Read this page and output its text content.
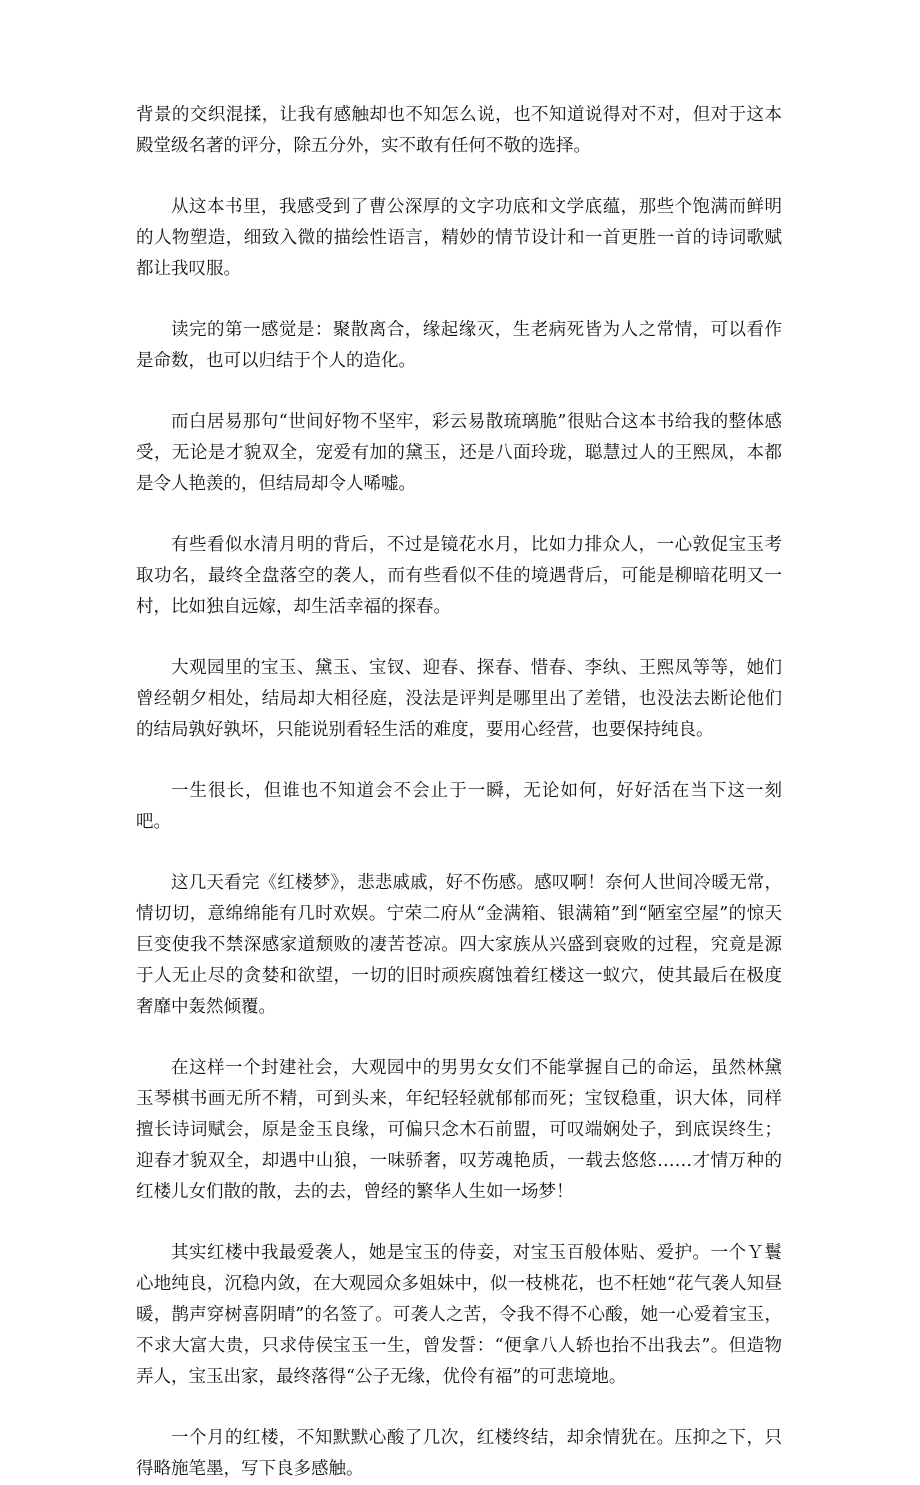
背景的交织混揉，让我有感触却也不知怎么说，也不知道说得对不对，但对于这本殿堂级名著的评分，除五分外，实不敢有任何不敬的选择。

从这本书里，我感受到了曹公深厚的文字功底和文学底蕴，那些个饱满而鲜明的人物塑造，细致入微的描绘性语言，精妙的情节设计和一首更胜一首的诗词歌赋都让我叹服。

读完的第一感觉是：聚散离合，缘起缘灭，生老病死皆为人之常情，可以看作是命数，也可以归结于个人的造化。

而白居易那句“世间好物不坚牢，彩云易散琉璃脆”很贴合这本书给我的整体感受，无论是才貌双全，宠爱有加的黛玉，还是八面玲珑，聪慧过人的王熙凤，本都是令人艳羡的，但结局却令人唏嘘。

有些看似水清月明的背后，不过是镜花水月，比如力排众人，一心敦促宝玉考取功名，最终全盘落空的袭人，而有些看似不佳的境遇背后，可能是柳暗花明又一村，比如独自远嫁，却生活幸福的探春。

大观园里的宝玉、黛玉、宝钗、迎春、探春、惜春、李纨、王熙凤等等，她们曾经朝夕相处，结局却大相径庭，没法是评判是哪里出了差错，也没法去断论他们的结局孰好孰坏，只能说别看轻生活的难度，要用心经营，也要保持纯良。

一生很长，但谁也不知道会不会止于一瞬，无论如何，好好活在当下这一刻吧。

这几天看完《红楼梦》，悲悲戚戚，好不伤感。感叹啊！奈何人世间冷暖无常，情切切，意绵绵能有几时欢娱。宁荣二府从“金满箱、银满箱”到“陋室空屋”的惊天巨变使我不禁深感家道颓败的凄苦苍凉。四大家族从兴盛到衰败的过程，究竟是源于人无止尽的贪婪和欲望，一切的旧时顽疾腐蚀着红楼这一蚁穴，使其最后在极度奢靡中轰然倾覆。

在这样一个封建社会，大观园中的男男女女们不能掌握自己的命运，虽然林黛玉琴棋书画无所不精，可到头来，年纪轻轻就郁郁而死；宝钗稳重，识大体，同样擅长诗词赋会，原是金玉良缘，可偏只念木石前盟，可叹端娴处子，到底误终生；迎春才貌双全，却遇中山狼，一味骄奢，叹芳魂艳质，一载去悠悠……才情万种的红楼儿女们散的散，去的去，曾经的繁华人生如一场梦！

其实红楼中我最爱袭人，她是宝玉的侍妾，对宝玉百般体贴、爱护。一个Ｙ鬟心地纯良，沉稳内敛，在大观园众多姐妹中，似一枝桃花，也不枉她“花气袭人知昼暖，鹊声穿树喜阴晴”的名签了。可袭人之苦，令我不得不心酸，她一心爱着宝玉，不求大富大贵，只求侍侯宝玉一生，曾发誓：“便拿八人轿也抬不出我去”。但造物弄人，宝玉出家，最终落得“公子无缘，优伶有福”的可悲境地。

一个月的红楼，不知默默心酸了几次，红楼终结，却余情犹在。压抑之下，只得略施笔墨，写下良多感触。
